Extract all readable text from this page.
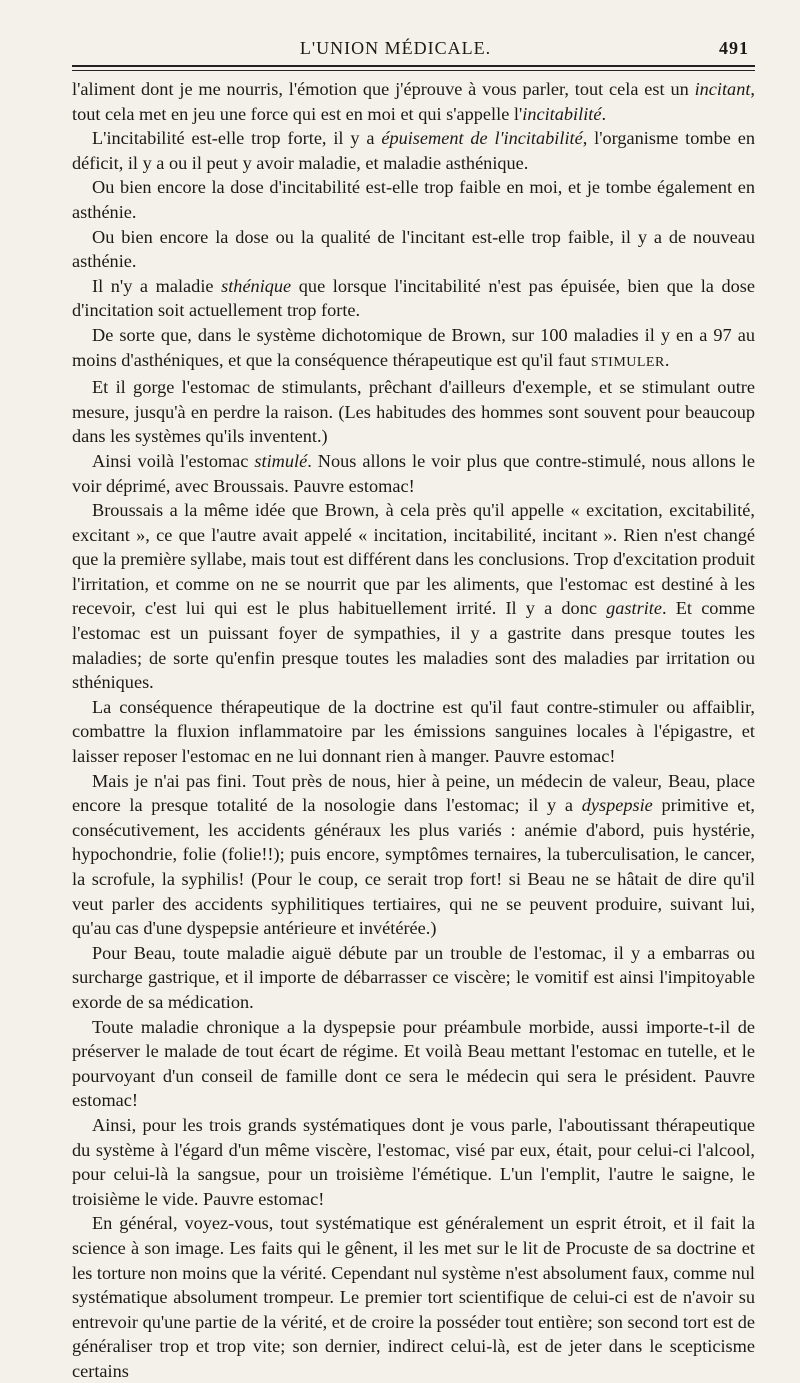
L'UNION MÉDICALE.	491

l'aliment dont je me nourris, l'émotion que j'éprouve à vous parler, tout cela est un incitant, tout cela met en jeu une force qui est en moi et qui s'appelle l'incitabilité.

L'incitabilité est-elle trop forte, il y a épuisement de l'incitabilité, l'organisme tombe en déficit, il y a ou il peut y avoir maladie, et maladie asthénique.

Ou bien encore la dose d'incitabilité est-elle trop faible en moi, et je tombe également en asthénie.

Ou bien encore la dose ou la qualité de l'incitant est-elle trop faible, il y a de nouveau asthénie.

Il n'y a maladie sthénique que lorsque l'incitabilité n'est pas épuisée, bien que la dose d'incitation soit actuellement trop forte.

De sorte que, dans le système dichotomique de Brown, sur 100 maladies il y en a 97 au moins d'asthéniques, et que la conséquence thérapeutique est qu'il faut STIMULER.

Et il gorge l'estomac de stimulants, prêchant d'ailleurs d'exemple, et se stimulant outre mesure, jusqu'à en perdre la raison. (Les habitudes des hommes sont souvent pour beaucoup dans les systèmes qu'ils inventent.)

Ainsi voilà l'estomac stimulé. Nous allons le voir plus que contre-stimulé, nous allons le voir déprimé, avec Broussais. Pauvre estomac!

Broussais a la même idée que Brown, à cela près qu'il appelle « excitation, excitabilité, excitant », ce que l'autre avait appelé « incitation, incitabilité, incitant ». Rien n'est changé que la première syllabe, mais tout est différent dans les conclusions. Trop d'excitation produit l'irritation, et comme on ne se nourrit que par les aliments, que l'estomac est destiné à les recevoir, c'est lui qui est le plus habituellement irrité. Il y a donc gastrite. Et comme l'estomac est un puissant foyer de sympathies, il y a gastrite dans presque toutes les maladies; de sorte qu'enfin presque toutes les maladies sont des maladies par irritation ou sthéniques.

La conséquence thérapeutique de la doctrine est qu'il faut contre-stimuler ou affaiblir, combattre la fluxion inflammatoire par les émissions sanguines locales à l'épigastre, et laisser reposer l'estomac en ne lui donnant rien à manger. Pauvre estomac!

Mais je n'ai pas fini. Tout près de nous, hier à peine, un médecin de valeur, Beau, place encore la presque totalité de la nosologie dans l'estomac; il y a dyspepsie primitive et, consécutivement, les accidents généraux les plus variés : anémie d'abord, puis hystérie, hypochondrie, folie (folie!!); puis encore, symptômes ternaires, la tuberculisation, le cancer, la scrofule, la syphilis! (Pour le coup, ce serait trop fort! si Beau ne se hâtait de dire qu'il veut parler des accidents syphilitiques tertiaires, qui ne se peuvent produire, suivant lui, qu'au cas d'une dyspepsie antérieure et invétérée.)

Pour Beau, toute maladie aiguë débute par un trouble de l'estomac, il y a embarras ou surcharge gastrique, et il importe de débarrasser ce viscère; le vomitif est ainsi l'impitoyable exorde de sa médication.

Toute maladie chronique a la dyspepsie pour préambule morbide, aussi importe-t-il de préserver le malade de tout écart de régime. Et voilà Beau mettant l'estomac en tutelle, et le pourvoyant d'un conseil de famille dont ce sera le médecin qui sera le président. Pauvre estomac!

Ainsi, pour les trois grands systématiques dont je vous parle, l'aboutissant thérapeutique du système à l'égard d'un même viscère, l'estomac, visé par eux, était, pour celui-ci l'alcool, pour celui-là la sangsue, pour un troisième l'émétique. L'un l'emplit, l'autre le saigne, le troisième le vide. Pauvre estomac!

En général, voyez-vous, tout systématique est généralement un esprit étroit, et il fait la science à son image. Les faits qui le gênent, il les met sur le lit de Procuste de sa doctrine et les torture non moins que la vérité. Cependant nul système n'est absolument faux, comme nul systématique absolument trompeur. Le premier tort scientifique de celui-ci est de n'avoir su entrevoir qu'une partie de la vérité, et de croire la posséder tout entière; son second tort est de généraliser trop et trop vite; son dernier, indirect celui-là, est de jeter dans le scepticisme certains
